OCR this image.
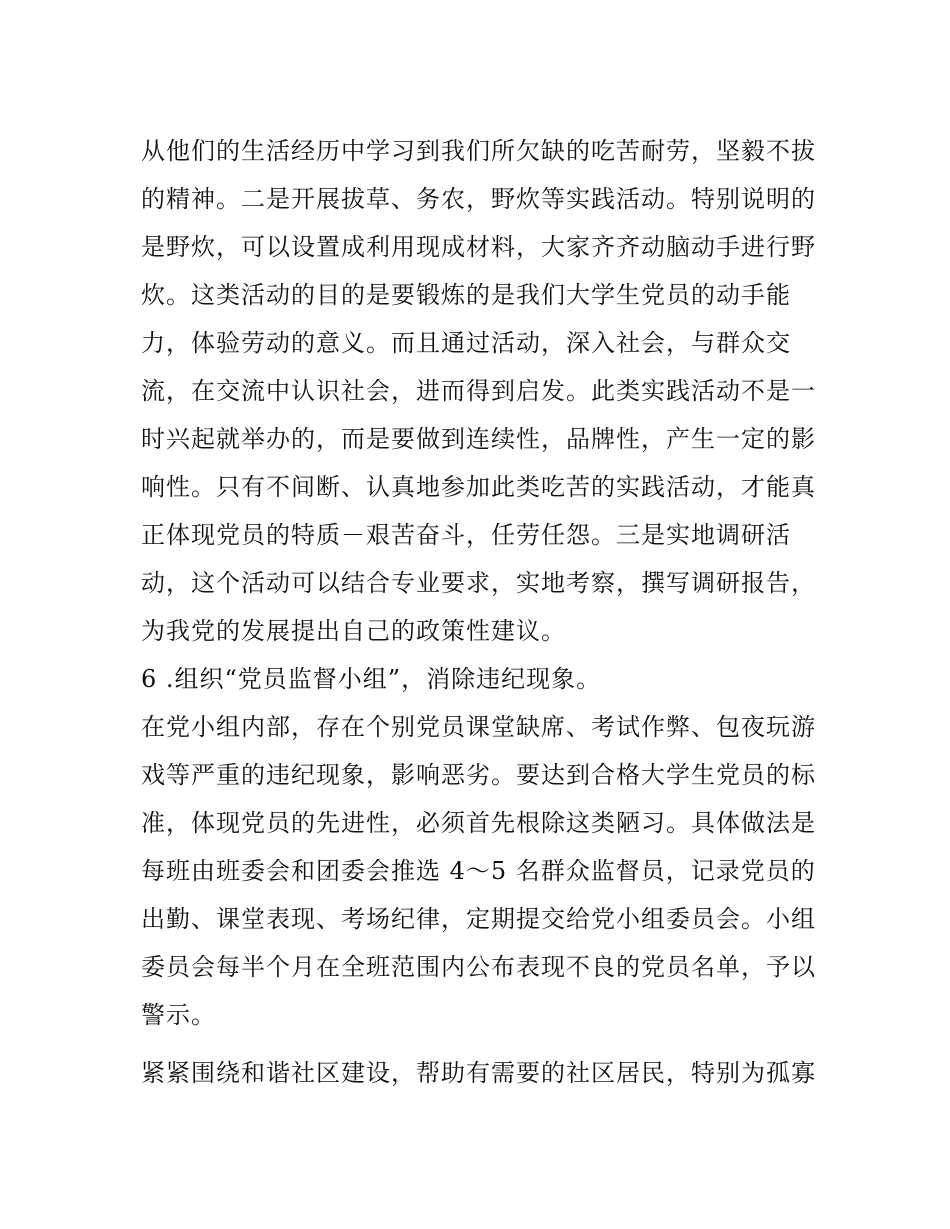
从他们的生活经历中学习到我们所欠缺的吃苦耐劳，坚毅不拔

的精神。二是开展拔草、务农，野炊等实践活动。特别说明的

是野炊，可以设置成利用现成材料，大家齐齐动脑动手进行野

炊。这类活动的目的是要锻炼的是我们大学生党员的动手能

力，体验劳动的意义。而且通过活动，深入社会，与群众交

流，在交流中认识社会，进而得到启发。此类实践活动不是一

时兴起就举办的，而是要做到连续性，品牌性，产生一定的影

响性。只有不间断、认真地参加此类吃苦的实践活动，才能真

正体现党员的特质－艰苦奋斗，任劳任怨。三是实地调研活

动，这个活动可以结合专业要求，实地考察，撰写调研报告，

为我党的发展提出自己的政策性建议。

6 .组织“党员监督小组”，消除违纪现象。

在党小组内部，存在个别党员课堂缺席、考试作弊、包夜玩游

戏等严重的违纪现象，影响恶劣。要达到合格大学生党员的标

准，体现党员的先进性，必须首先根除这类陋习。具体做法是

每班由班委会和团委会推选 4～5 名群众监督员，记录党员的

出勤、课堂表现、考场纪律，定期提交给党小组委员会。小组

委员会每半个月在全班范围内公布表现不良的党员名单，予以

警示。

紧紧围绕和谐社区建设，帮助有需要的社区居民，特别为孤寡
